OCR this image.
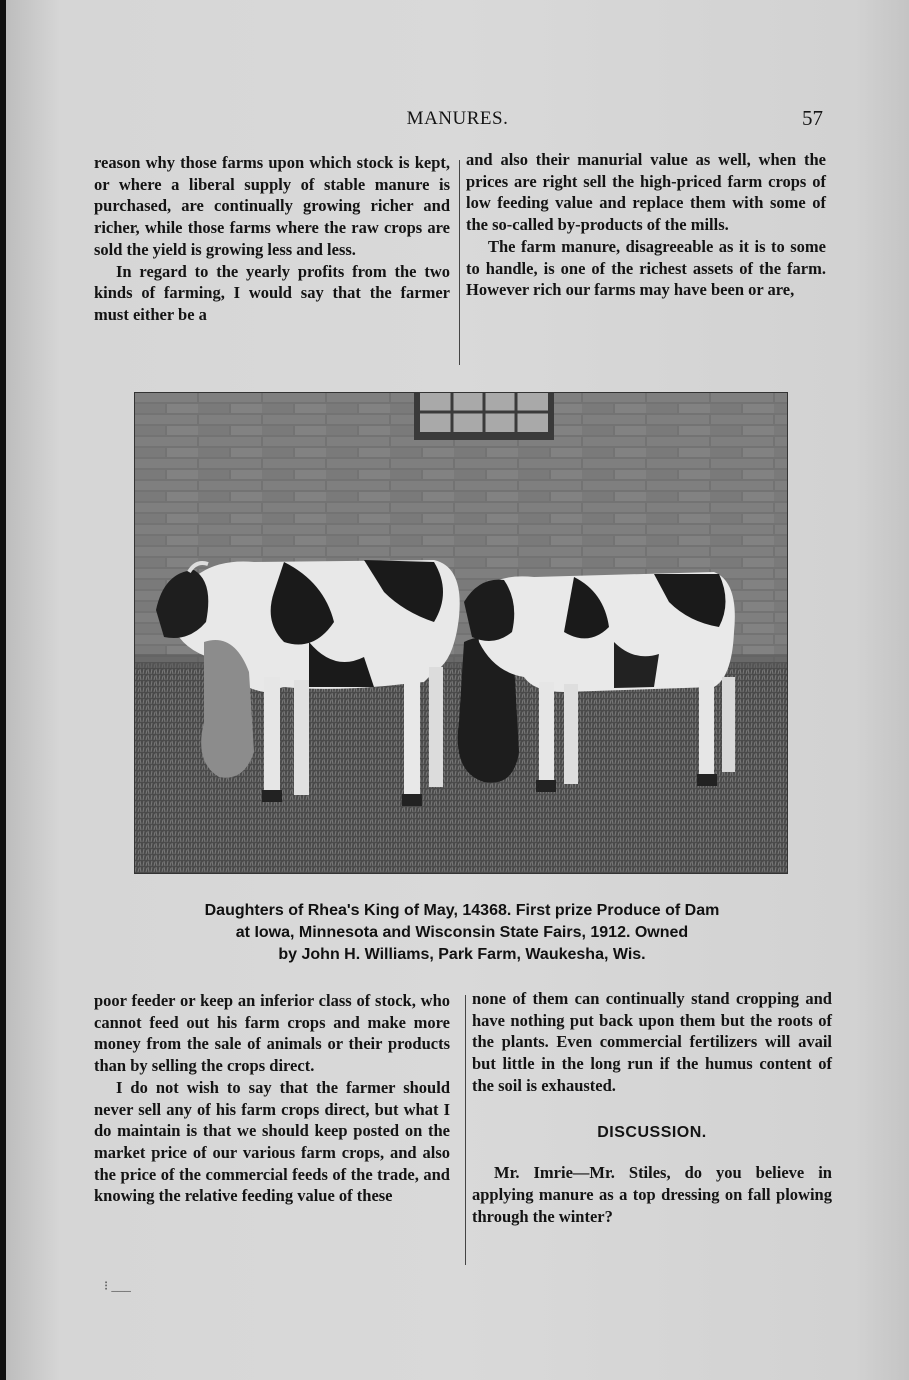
MANURES.	57

reason why those farms upon which stock is kept, or where a liberal supply of stable manure is purchased, are continually growing richer and richer, while those farms where the raw crops are sold the yield is growing less and less.

In regard to the yearly profits from the two kinds of farming, I would say that the farmer must either be a

and also their manurial value as well, when the prices are right sell the high-priced farm crops of low feeding value and replace them with some of the so-called by-products of the mills.

The farm manure, disagreeable as it is to some to handle, is one of the richest assets of the farm. However rich our farms may have been or are,

Daughters of Rhea's King of May, 14368. First prize Produce of Dam
at Iowa, Minnesota and Wisconsin State Fairs, 1912. Owned
by John H. Williams, Park Farm, Waukesha, Wis.

poor feeder or keep an inferior class of stock, who cannot feed out his farm crops and make more money from the sale of animals or their products than by selling the crops direct.

I do not wish to say that the farmer should never sell any of his farm crops direct, but what I do maintain is that we should keep posted on the market price of our various farm crops, and also the price of the commercial feeds of the trade, and knowing the relative feeding value of these

none of them can continually stand cropping and have nothing put back upon them but the roots of the plants. Even commercial fertilizers will avail but little in the long run if the humus content of the soil is exhausted.

DISCUSSION.

Mr. Imrie—Mr. Stiles, do you believe in applying manure as a top dressing on fall plowing through the winter?

⁝ ___
